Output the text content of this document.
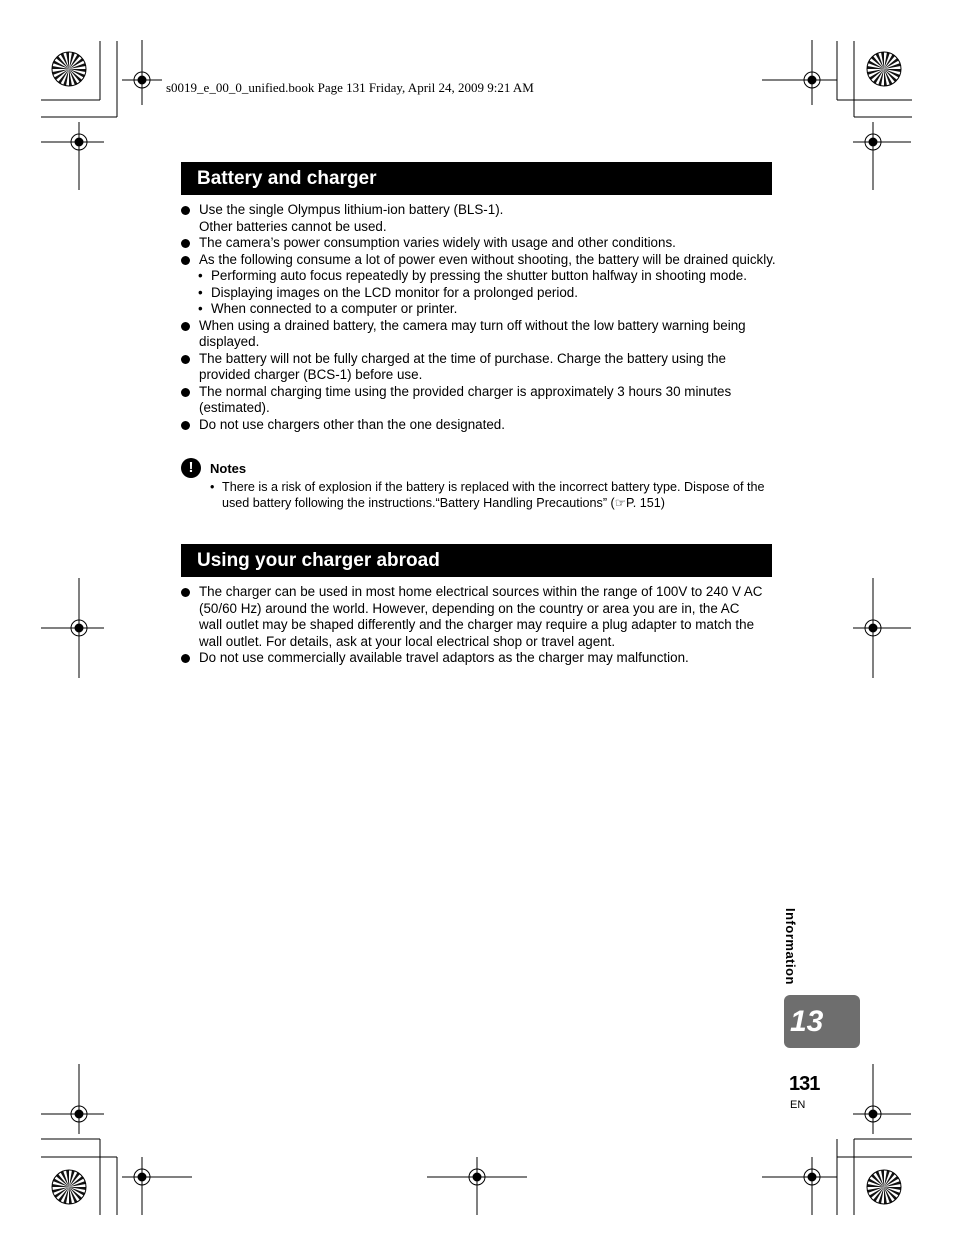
s0019_e_00_0_unified.book Page 131 Friday, April 24, 2009 9:21 AM
Battery and charger
Use the single Olympus lithium-ion battery (BLS-1).
Other batteries cannot be used.
The camera’s power consumption varies widely with usage and other conditions.
As the following consume a lot of power even without shooting, the battery will be drained quickly.
• Performing auto focus repeatedly by pressing the shutter button halfway in shooting mode.
• Displaying images on the LCD monitor for a prolonged period.
• When connected to a computer or printer.
When using a drained battery, the camera may turn off without the low battery warning being displayed.
The battery will not be fully charged at the time of purchase. Charge the battery using the provided charger (BCS-1) before use.
The normal charging time using the provided charger is approximately 3 hours 30 minutes (estimated).
Do not use chargers other than the one designated.
!	Notes
• There is a risk of explosion if the battery is replaced with the incorrect battery type. Dispose of the used battery following the instructions.“Battery Handling Precautions” (☞P. 151)
Using your charger abroad
The charger can be used in most home electrical sources within the range of 100V to 240 V AC (50/60 Hz) around the world. However, depending on the country or area you are in, the AC wall outlet may be shaped differently and the charger may require a plug adapter to match the wall outlet. For details, ask at your local electrical shop or travel agent.
Do not use commercially available travel adaptors as the charger may malfunction.
Information
13
131
EN
